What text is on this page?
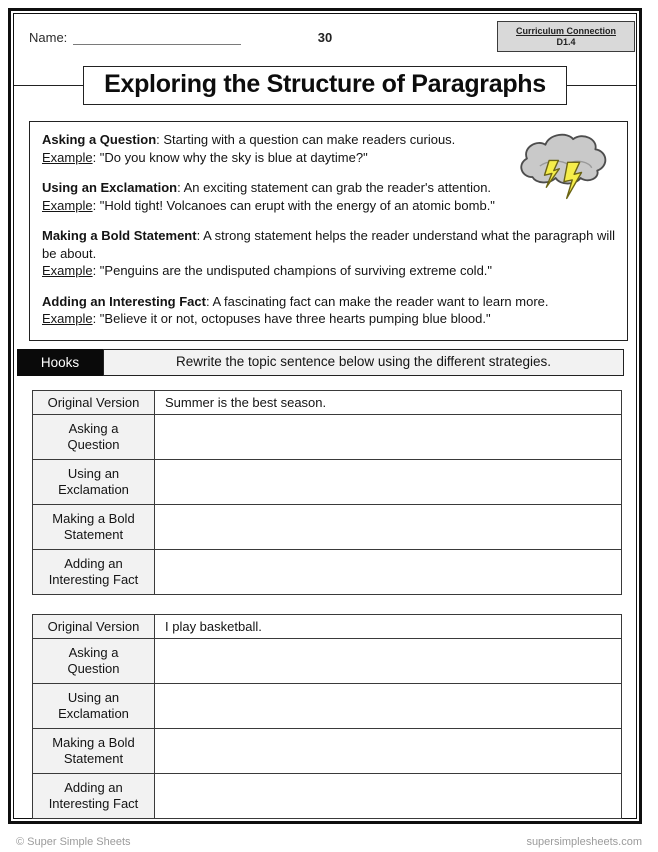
Name:	30	Curriculum Connection
D1.4
Exploring the Structure of Paragraphs
Asking a Question: Starting with a question can make readers curious.
Example: "Do you know why the sky is blue at daytime?"
Using an Exclamation: An exciting statement can grab the reader's attention.
Example: "Hold tight! Volcanoes can erupt with the energy of an atomic bomb."
Making a Bold Statement: A strong statement helps the reader understand what the paragraph will be about.
Example: "Penguins are the undisputed champions of surviving extreme cold."
Adding an Interesting Fact: A fascinating fact can make the reader want to learn more.
Example: "Believe it or not, octopuses have three hearts pumping blue blood."
Hooks	Rewrite the topic sentence below using the different strategies.
Original Version	Summer is the best season.
Asking a Question	
Using an Exclamation	
Making a Bold Statement	
Adding an Interesting Fact	
Original Version	I play basketball.
Asking a Question	
Using an Exclamation	
Making a Bold Statement	
Adding an Interesting Fact	
© Super Simple Sheets	supersimplesheets.com
